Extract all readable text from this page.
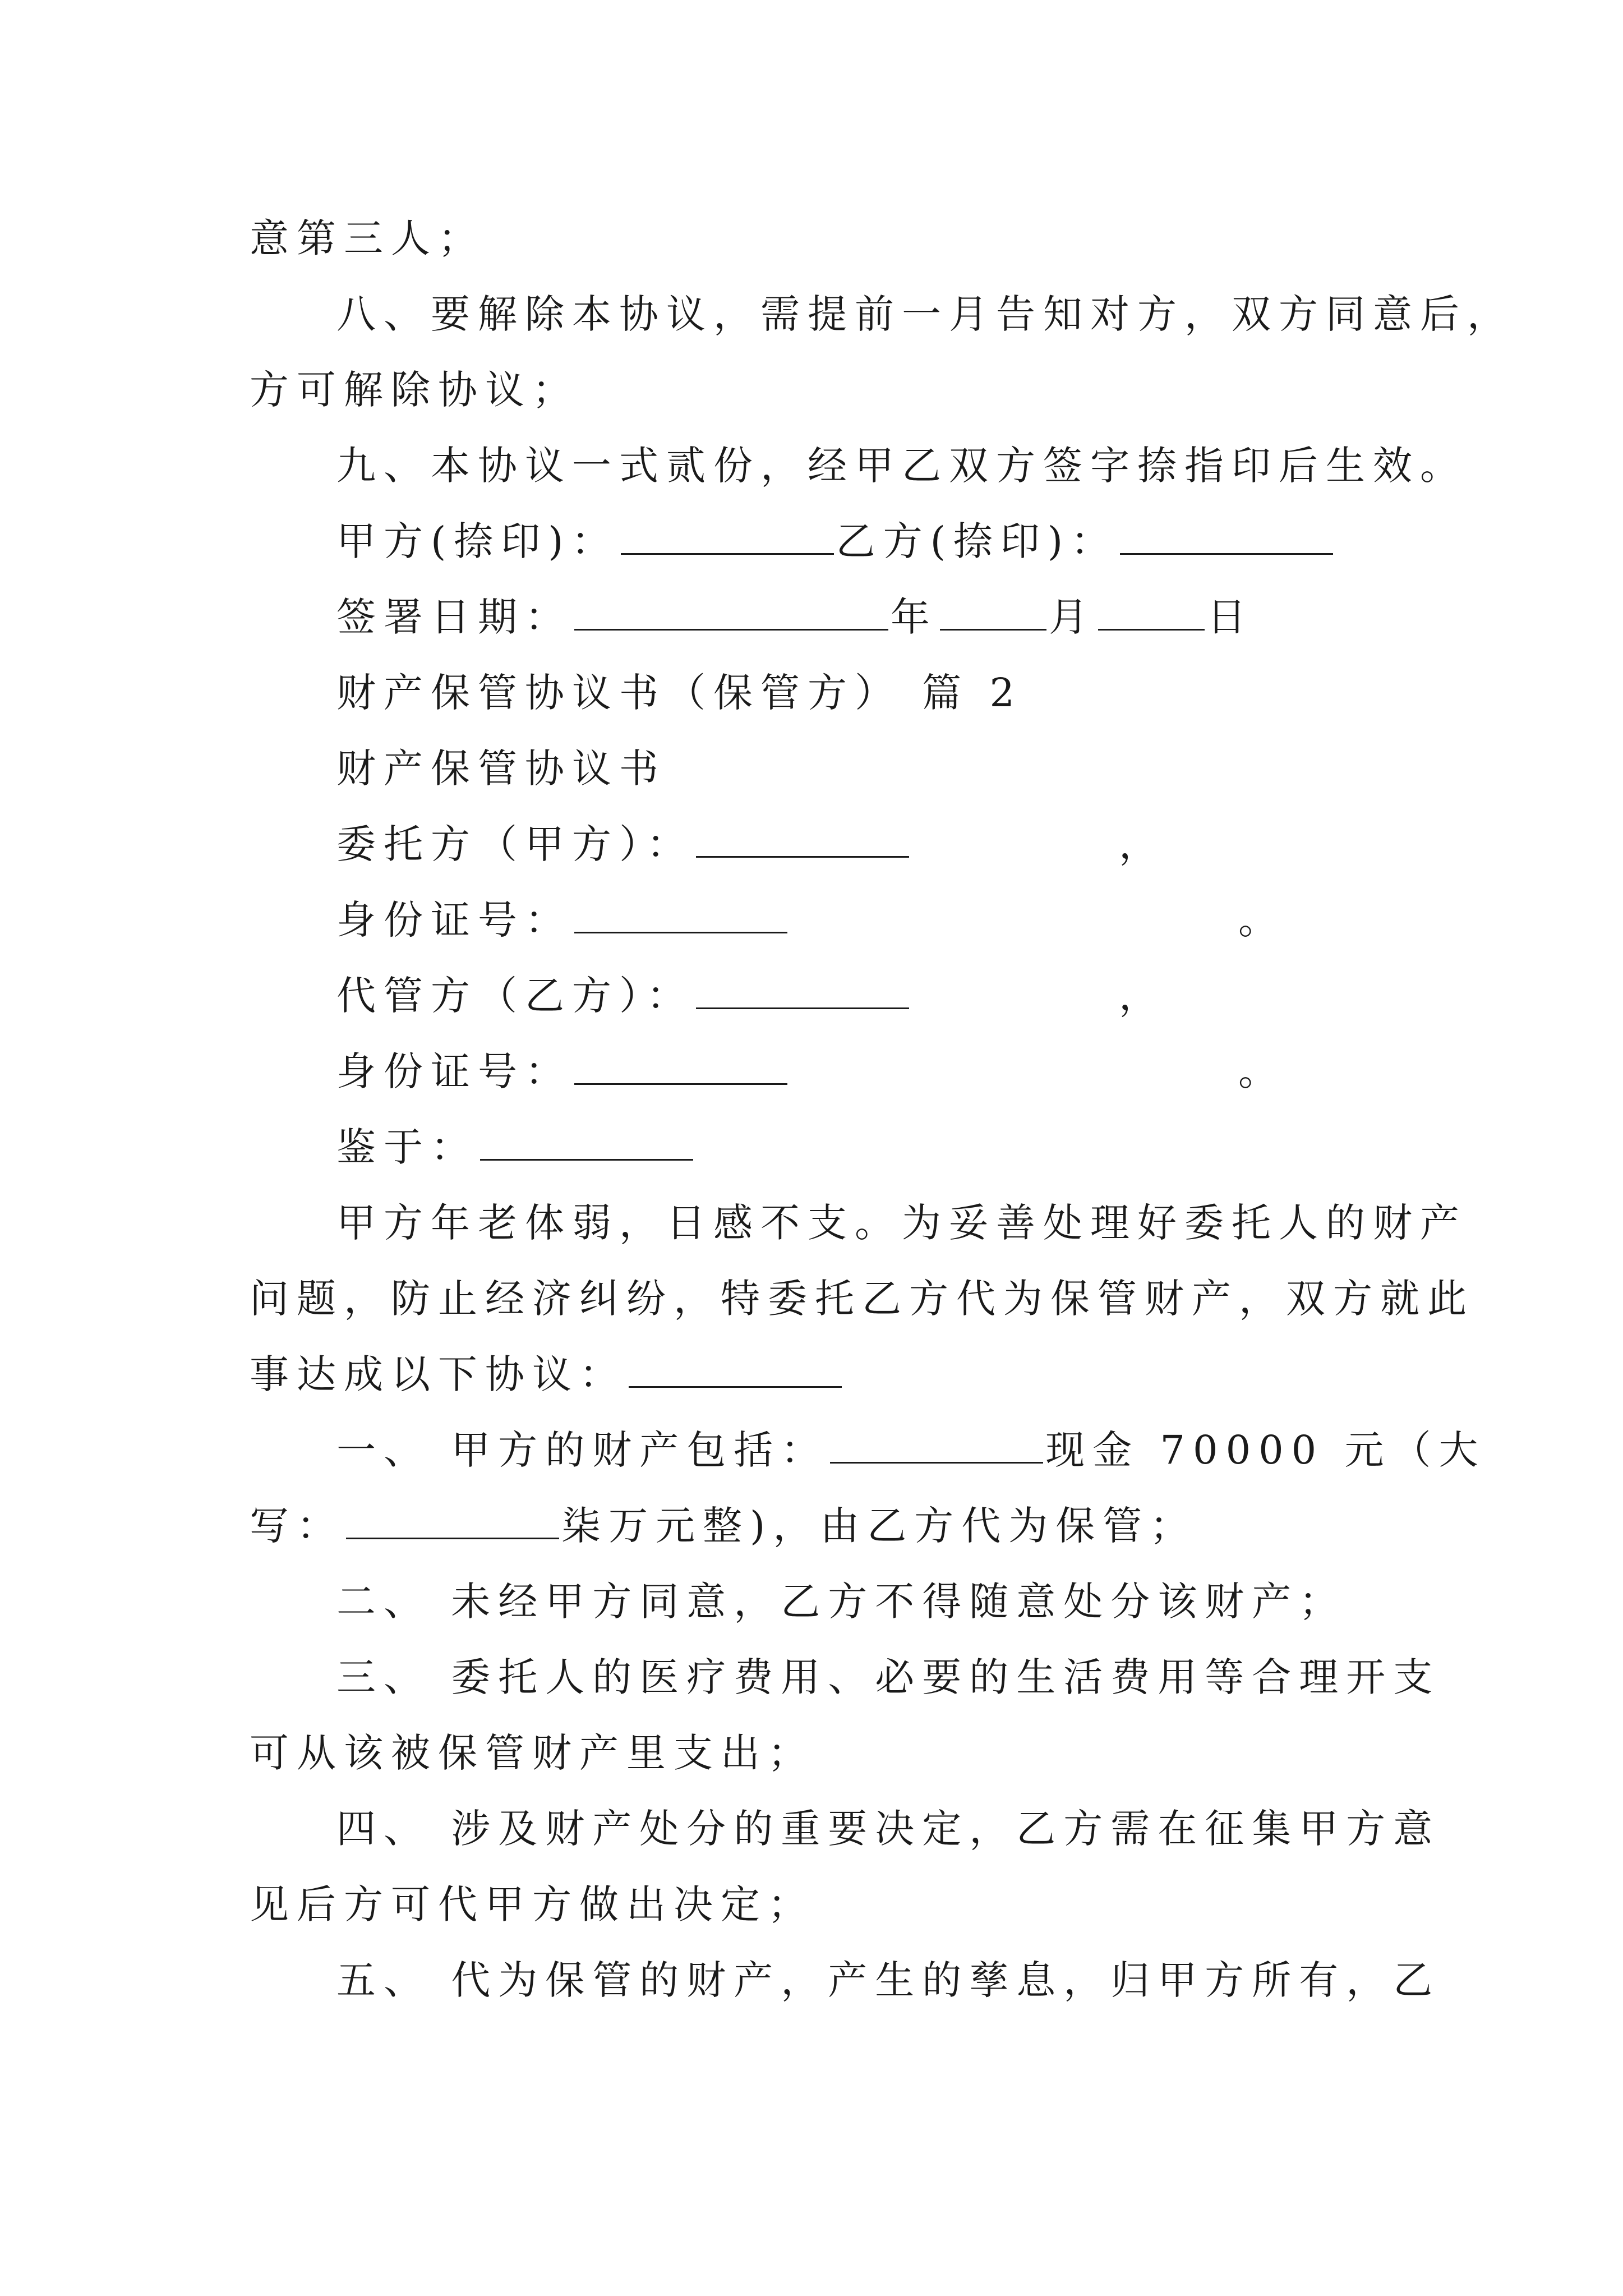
意第三人；
八、要解除本协议，需提前一月告知对方，双方同意后，
方可解除协议；
九、本协议一式贰份，经甲乙双方签字捺指印后生效。
甲方(捺印)：	乙方(捺印)：
签署日期：	年	月	日
财产保管协议书（保管方） 篇 2
财产保管协议书
委托方（甲方）：	，
身份证号：	。
代管方（乙方）：	，
身份证号：	。
鉴于：
甲方年老体弱，日感不支。为妥善处理好委托人的财产
问题，防止经济纠纷，特委托乙方代为保管财产，双方就此
事达成以下协议：
一、 甲方的财产包括：	现金 70000 元（大
写：	柒万元整)，由乙方代为保管；
二、 未经甲方同意，乙方不得随意处分该财产；
三、 委托人的医疗费用、必要的生活费用等合理开支
可从该被保管财产里支出；
四、 涉及财产处分的重要决定，乙方需在征集甲方意
见后方可代甲方做出决定；
五、 代为保管的财产，产生的孳息，归甲方所有，乙
